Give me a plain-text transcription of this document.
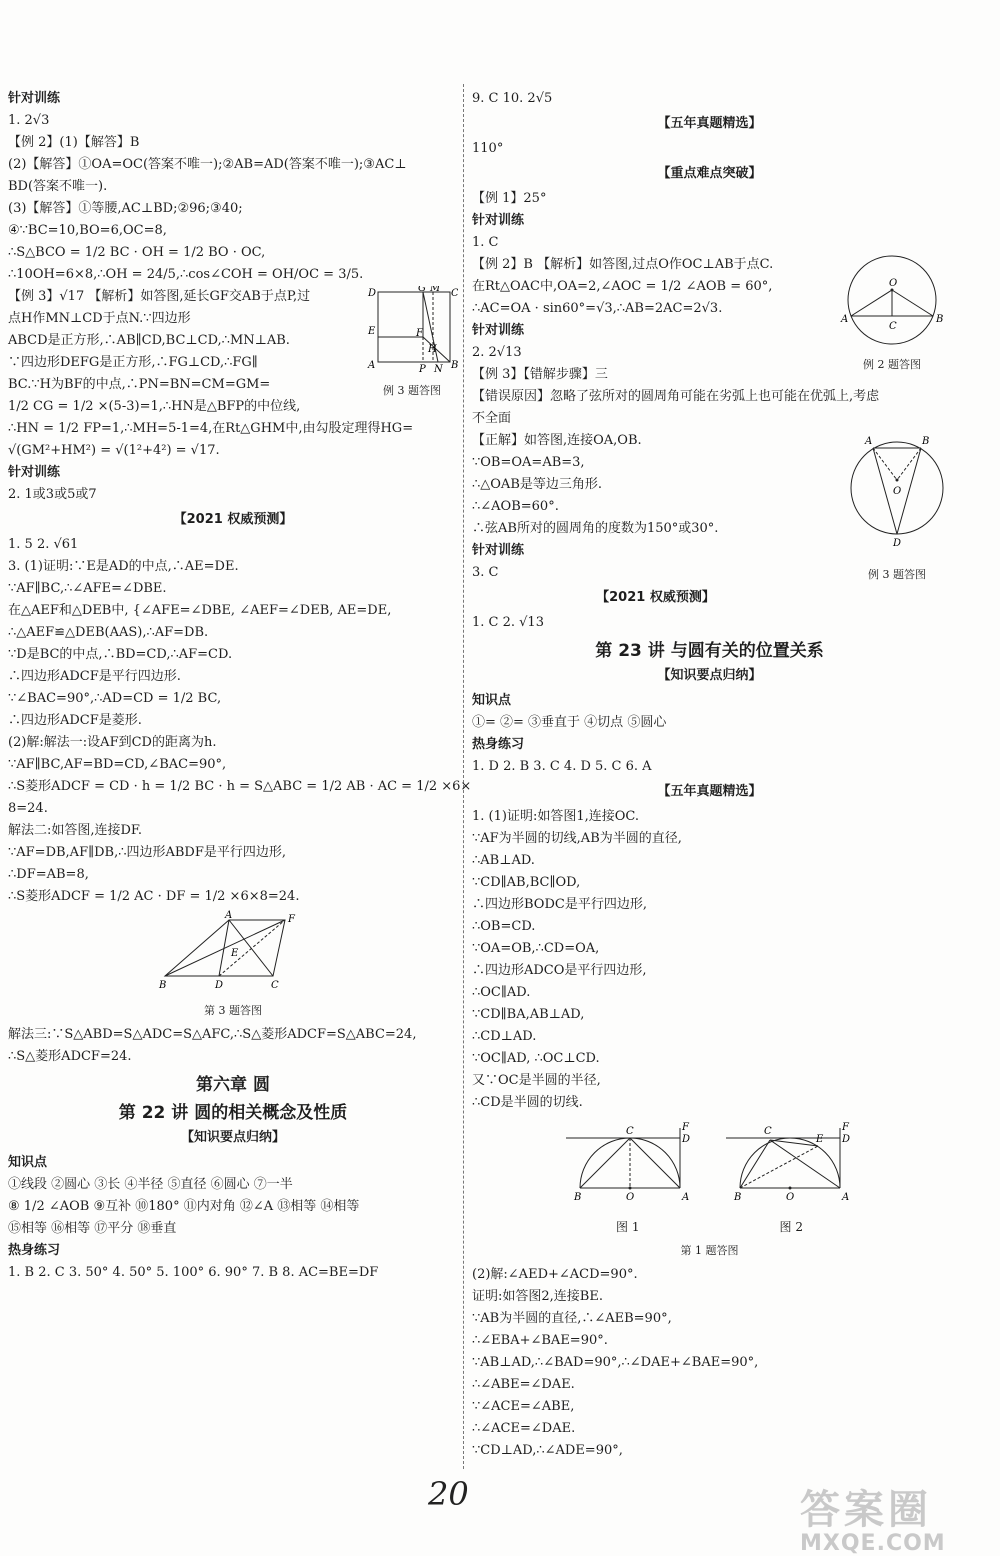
针对训练
1. 2√3
【例 2】(1)【解答】B
(2)【解答】①OA=OC(答案不唯一);②AB=AD(答案不唯一);③AC⊥
BD(答案不唯一).
(3)【解答】①等腰,AC⊥BD;②96;③40;
④∵BC=10,BO=6,OC=8,
∴S△BCO = 1/2 BC · OH = 1/2 BO · OC,
∴10OH=6×8,∴OH = 24/5,∴cos∠COH = OH/OC = 3/5.
D	G M C
E	F
H
A	P N B
例 3 题答图
【例 3】√17 【解析】如答图,延长GF交AB于点P,过
点H作MN⊥CD于点N.∵四边形
ABCD是正方形,∴AB∥CD,BC⊥CD,∴MN⊥AB.
∵四边形DEFG是正方形,∴FG⊥CD,∴FG∥
BC.∵H为BF的中点,∴PN=BN=CM=GM=
1/2 CG = 1/2 ×(5-3)=1,∴HN是△BFP的中位线,
∴HN = 1/2 FP=1,∴MH=5-1=4,在Rt△GHM中,由勾股定理得HG=
√(GM²+HM²) = √(1²+4²) = √17.
针对训练
2. 1或3或5或7
【2021 权威预测】
1. 5 2. √61
3. (1)证明:∵E是AD的中点,∴AE=DE.
∵AF∥BC,∴∠AFE=∠DBE.
在△AEF和△DEB中, {∠AFE=∠DBE, ∠AEF=∠DEB, AE=DE,
∴△AEF≌△DEB(AAS),∴AF=DB.
∵D是BC的中点,∴BD=CD,∴AF=CD.
∴四边形ADCF是平行四边形.
∵∠BAC=90°,∴AD=CD = 1/2 BC,
∴四边形ADCF是菱形.
(2)解:解法一:设AF到CD的距离为h.
∵AF∥BC,AF=BD=CD,∠BAC=90°,
∴S菱形ADCF = CD · h = 1/2 BC · h = S△ABC = 1/2 AB · AC = 1/2 ×6×
8=24.
解法二:如答图,连接DF.
∵AF=DB,AF∥DB,∴四边形ABDF是平行四边形,
∴DF=AB=8,
∴S菱形ADCF = 1/2 AC · DF = 1/2 ×6×8=24.
A	F
E
B	D	C
第 3 题答图
解法三:∵S△ABD=S△ADC=S△AFC,∴S△菱形ADCF=S△ABC=24,
∴S△菱形ADCF=24.
第六章 圆
第 22 讲 圆的相关概念及性质
【知识要点归纳】
知识点
①线段 ②圆心 ③长 ④半径 ⑤直径 ⑥圆心 ⑦一半
⑧ 1/2 ∠AOB ⑨互补 ⑩180° ⑪内对角 ⑫∠A ⑬相等 ⑭相等
⑮相等 ⑯相等 ⑰平分 ⑱垂直
热身练习
1. B 2. C 3. 50° 4. 50° 5. 100° 6. 90° 7. B 8. AC=BE=DF
9. C 10. 2√5
【五年真题精选】
110°
【重点难点突破】
【例 1】25°
针对训练
1. C
O
A	B
C
例 2 题答图
【例 2】B 【解析】如答图,过点O作OC⊥AB于点C.
在Rt△OAC中,OA=2,∠AOC = 1/2 ∠AOB = 60°,
∴AC=OA · sin60°=√3,∴AB=2AC=2√3.
针对训练
2. 2√13
【例 3】【错解步骤】三
【错误原因】忽略了弦所对的圆周角可能在劣弧上也可能在优弧上,考虑
不全面
A	B
O
D
例 3 题答图
【正解】如答图,连接OA,OB.
∵OB=OA=AB=3,
∴△OAB是等边三角形.
∴∠AOB=60°.
∴弦AB所对的圆周角的度数为150°或30°.
针对训练
3. C
【2021 权威预测】
1. C 2. √13
第 23 讲 与圆有关的位置关系
【知识要点归纳】
知识点
①= ②= ③垂直于 ④切点 ⑤圆心
热身练习
1. D 2. B 3. C 4. D 5. C 6. A
【五年真题精选】
1. (1)证明:如答图1,连接OC.
∵AF为半圆的切线,AB为半圆的直径,
∴AB⊥AD.
∵CD∥AB,BC∥OD,
∴四边形BODC是平行四边形,
∴OB=CD.
∵OA=OB,∴CD=OA,
∴四边形ADCO是平行四边形,
∴OC∥AD.
∵CD∥BA,AB⊥AD,
∴CD⊥AD.
∵OC∥AD, ∴OC⊥CD.
又∵OC是半圆的半径,
∴CD是半圆的切线.
C	F
D
B	O	A
C
E
F
D
B	O	A
图 1	图 2
第 1 题答图
(2)解:∠AED+∠ACD=90°.
证明:如答图2,连接BE.
∵AB为半圆的直径,∴∠AEB=90°,
∴∠EBA+∠BAE=90°.
∵AB⊥AD,∴∠BAD=90°,∴∠DAE+∠BAE=90°,
∴∠ABE=∠DAE.
∵∠ACE=∠ABE,
∴∠ACE=∠DAE.
∵CD⊥AD,∴∠ADE=90°,
20	答案圈
MXQE.COM
